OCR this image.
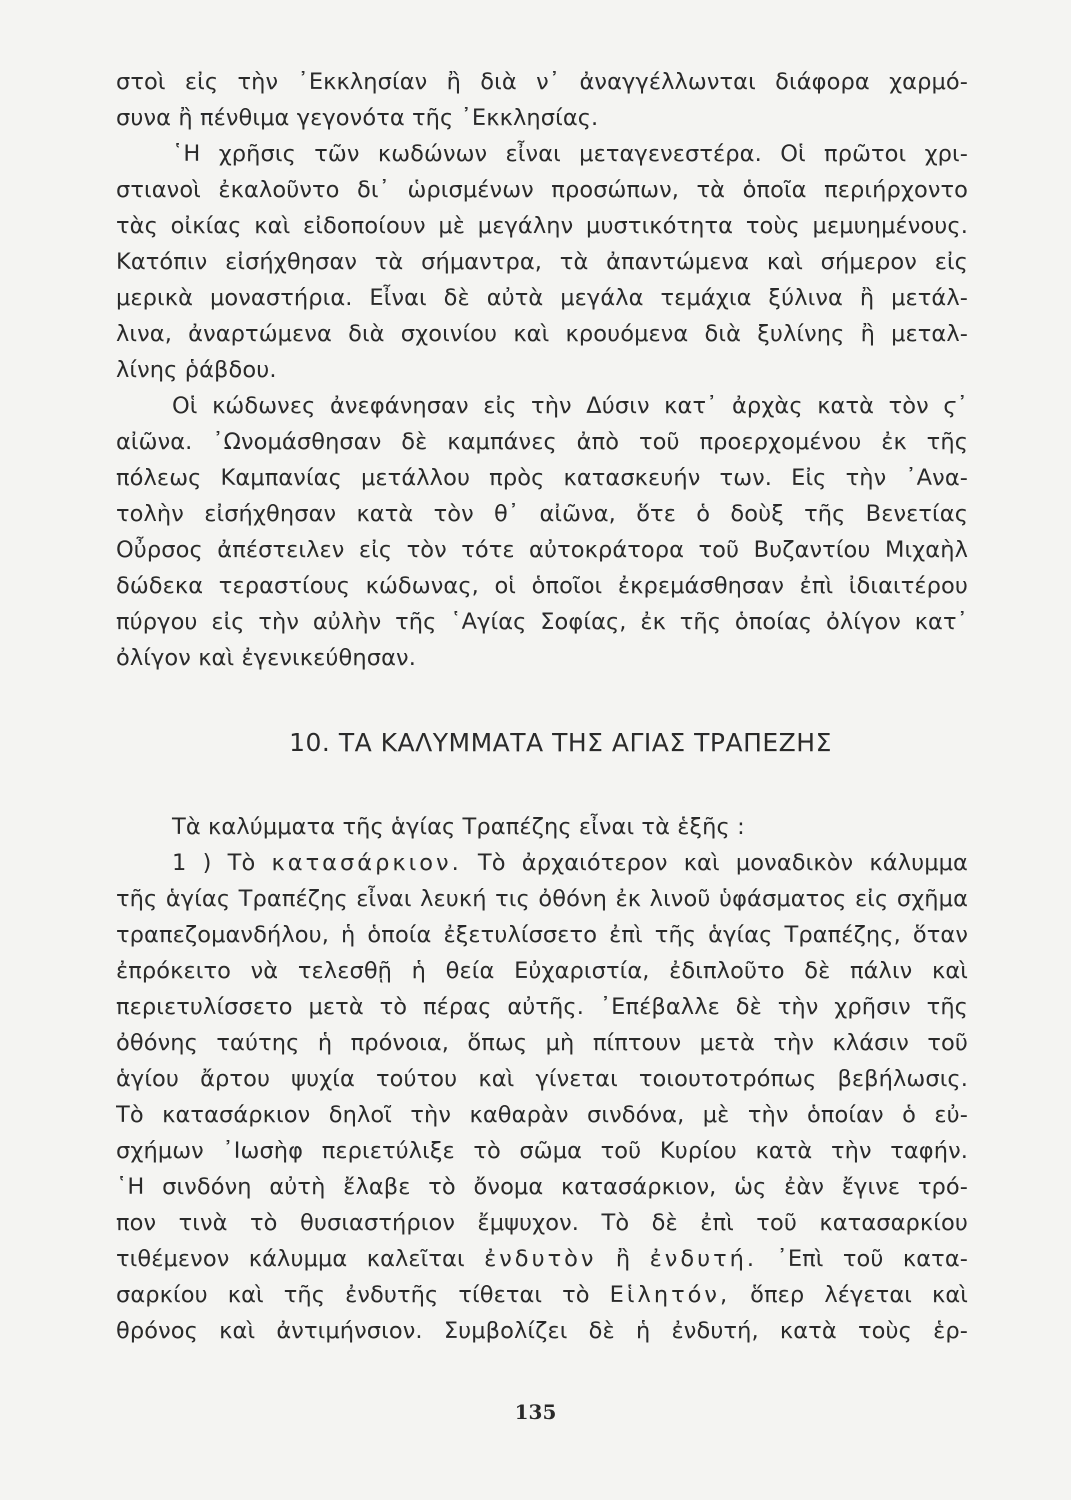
στοὶ εἰς τὴν ᾿Εκκλησίαν ἢ διὰ ν᾿ ἀναγγέλλωνται διάφορα χαρμό-
συνα ἢ πένθιμα γεγονότα τῆς ᾿Εκκλησίας.
῾Η χρῆσις τῶν κωδώνων εἶναι μεταγενεστέρα. Οἱ πρῶτοι χρι-
στιανοὶ ἐκαλοῦντο δι᾿ ὡρισμένων προσώπων, τὰ ὁποῖα περιήρχοντο
τὰς οἰκίας καὶ εἰδοποίουν μὲ μεγάλην μυστικότητα τοὺς μεμυημένους.
Κατόπιν εἰσήχθησαν τὰ σήμαντρα, τὰ ἀπαντώμενα καὶ σήμερον εἰς
μερικὰ μοναστήρια. Εἶναι δὲ αὐτὰ μεγάλα τεμάχια ξύλινα ἢ μετάλ-
λινα, ἀναρτώμενα διὰ σχοινίου καὶ κρουόμενα διὰ ξυλίνης ἢ μεταλ-
λίνης ῥάβδου.
Οἱ κώδωνες ἀνεφάνησαν εἰς τὴν Δύσιν κατ᾿ ἀρχὰς κατὰ τὸν ϛ᾿
αἰῶνα. ᾿Ωνομάσθησαν δὲ καμπάνες ἀπὸ τοῦ προερχομένου ἐκ τῆς
πόλεως Καμπανίας μετάλλου πρὸς κατασκευήν των. Εἰς τὴν ᾿Ανα-
τολὴν εἰσήχθησαν κατὰ τὸν θ᾿ αἰῶνα, ὅτε ὁ δοὺξ τῆς Βενετίας
Οὖρσος ἀπέστειλεν εἰς τὸν τότε αὐτοκράτορα τοῦ Βυζαντίου Μιχαὴλ
δώδεκα τεραστίους κώδωνας, οἱ ὁποῖοι ἐκρεμάσθησαν ἐπὶ ἰδιαιτέρου
πύργου εἰς τὴν αὐλὴν τῆς ῾Αγίας Σοφίας, ἐκ τῆς ὁποίας ὀλίγον κατ᾿
ὀλίγον καὶ ἐγενικεύθησαν.
10. ΤΑ ΚΑΛΥΜΜΑΤΑ ΤΗΣ ΑΓΙΑΣ ΤΡΑΠΕΖΗΣ
Τὰ καλύμματα τῆς ἁγίας Τραπέζης εἶναι τὰ ἑξῆς :
1 ) Τὸ κατασάρκιον. Τὸ ἀρχαιότερον καὶ μοναδικὸν κάλυμμα
τῆς ἁγίας Τραπέζης εἶναι λευκή τις ὀθόνη ἐκ λινοῦ ὑφάσματος εἰς σχῆμα
τραπεζομανδήλου, ἡ ὁποία ἐξετυλίσσετο ἐπὶ τῆς ἁγίας Τραπέζης, ὅταν
ἐπρόκειτο νὰ τελεσθῇ ἡ θεία Εὐχαριστία, ἐδιπλοῦτο δὲ πάλιν καὶ
περιετυλίσσετο μετὰ τὸ πέρας αὐτῆς. ᾿Επέβαλλε δὲ τὴν χρῆσιν τῆς
ὀθόνης ταύτης ἡ πρόνοια, ὅπως μὴ πίπτουν μετὰ τὴν κλάσιν τοῦ
ἁγίου ἄρτου ψυχία τούτου καὶ γίνεται τοιουτοτρόπως βεβήλωσις.
Τὸ κατασάρκιον δηλοῖ τὴν καθαρὰν σινδόνα, μὲ τὴν ὁποίαν ὁ εὐ-
σχήμων ᾿Ιωσὴφ περιετύλιξε τὸ σῶμα τοῦ Κυρίου κατὰ τὴν ταφήν.
῾Η σινδόνη αὐτὴ ἔλαβε τὸ ὄνομα κατασάρκιον, ὡς ἐὰν ἔγινε τρό-
πον τινὰ τὸ θυσιαστήριον ἔμψυχον. Τὸ δὲ ἐπὶ τοῦ κατασαρκίου
τιθέμενον κάλυμμα καλεῖται ἐνδυτὸν ἢ ἐνδυτή. ᾿Επὶ τοῦ κατα-
σαρκίου καὶ τῆς ἐνδυτῆς τίθεται τὸ Εἱλητόν, ὅπερ λέγεται καὶ
θρόνος καὶ ἀντιμήνσιον. Συμβολίζει δὲ ἡ ἐνδυτή, κατὰ τοὺς ἑρ-
135
